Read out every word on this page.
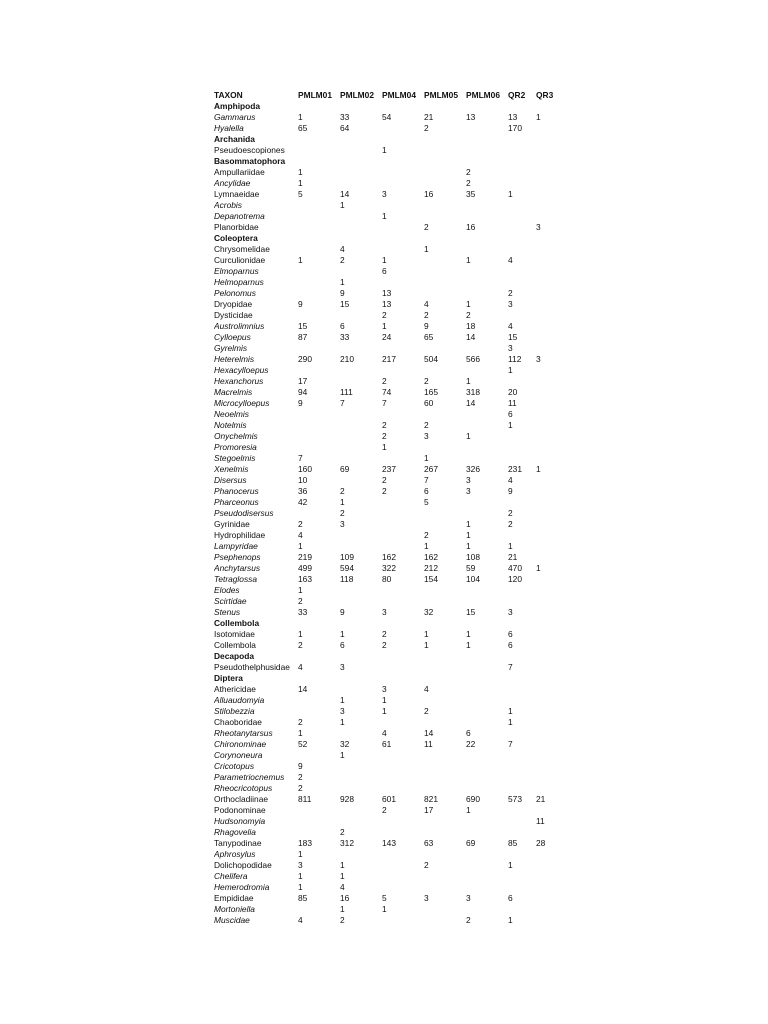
TAXON	PMLM01	PMLM02	PMLM04	PMLM05	PMLM06	QR2	QR3
Amphipoda							
Gammarus	1	33	54	21	13	13	1
Hyalella	65	64		2		170	
Archanida							
Pseudoescopiones			1				
Basommatophora							
Ampullariidae	1				2		
Ancylidae	1				2		
Lymnaeidae	5	14	3	16	35	1	
Acrobis		1					
Depanotrema			1				
Planorbidae				2	16		3
Coleoptera							
Chrysomelidae		4		1			
Curculionidae	1	2	1		1	4	
Elmoparnus			6				
Helmoparnus		1					
Pelonomus		9	13			2	
Dryopidae	9	15	13	4	1	3	
Dysticidae			2	2	2		
Austrolimnius	15	6	1	9	18	4	
Cylloepus	87	33	24	65	14	15	
Gyrelmis						3	
Heterelmis	290	210	217	504	566	112	3
Hexacylloepus						1	
Hexanchorus	17		2	2	1		
Macrelmis	94	111	74	165	318	20	
Microcylloepus	9	7	7	60	14	11	
Neoelmis						6	
Notelmis			2	2		1	
Onychelmis			2	3	1		
Promoresia			1				
Stegoelmis	7			1			
Xenelmis	160	69	237	267	326	231	1
Disersus	10		2	7	3	4	
Phanocerus	36	2	2	6	3	9	
Pharceonus	42	1		5			
Pseudodisersus		2				2	
Gyrinidae	2	3			1	2	
Hydrophilidae	4			2	1		
Lampyridae	1			1	1	1	
Psephenops	219	109	162	162	108	21	
Anchytarsus	499	594	322	212	59	470	1
Tetraglossa	163	118	80	154	104	120	
Elodes	1						
Scirtidae	2						
Stenus	33	9	3	32	15	3	
Collembola							
Isotomidae	1	1	2	1	1	6	
Collembola	2	6	2	1	1	6	
Decapoda							
Pseudothelphusidae	4	3				7	
Diptera							
Athericidae	14		3	4			
Alluaudomyia		1	1				
Stilobezzia		3	1	2		1	
Chaoboridae	2	1				1	
Rheotanytarsus	1		4	14	6		
Chironominae	52	32	61	11	22	7	
Corynoneura		1					
Cricotopus	9						
Parametriocnemus	2						
Rheocricotopus	2						
Orthocladiinae	811	928	601	821	690	573	21
Podonominae			2	17	1		
Hudsonomyia							11
Rhagovelia		2					
Tanypodinae	183	312	143	63	69	85	28
Aphrosylus	1						
Dolichopodidae	3	1		2		1	
Chelifera	1	1					
Hemerodromia	1	4					
Empididae	85	16	5	3	3	6	
Mortoniella		1	1				
Muscidae	4	2			2	1	
